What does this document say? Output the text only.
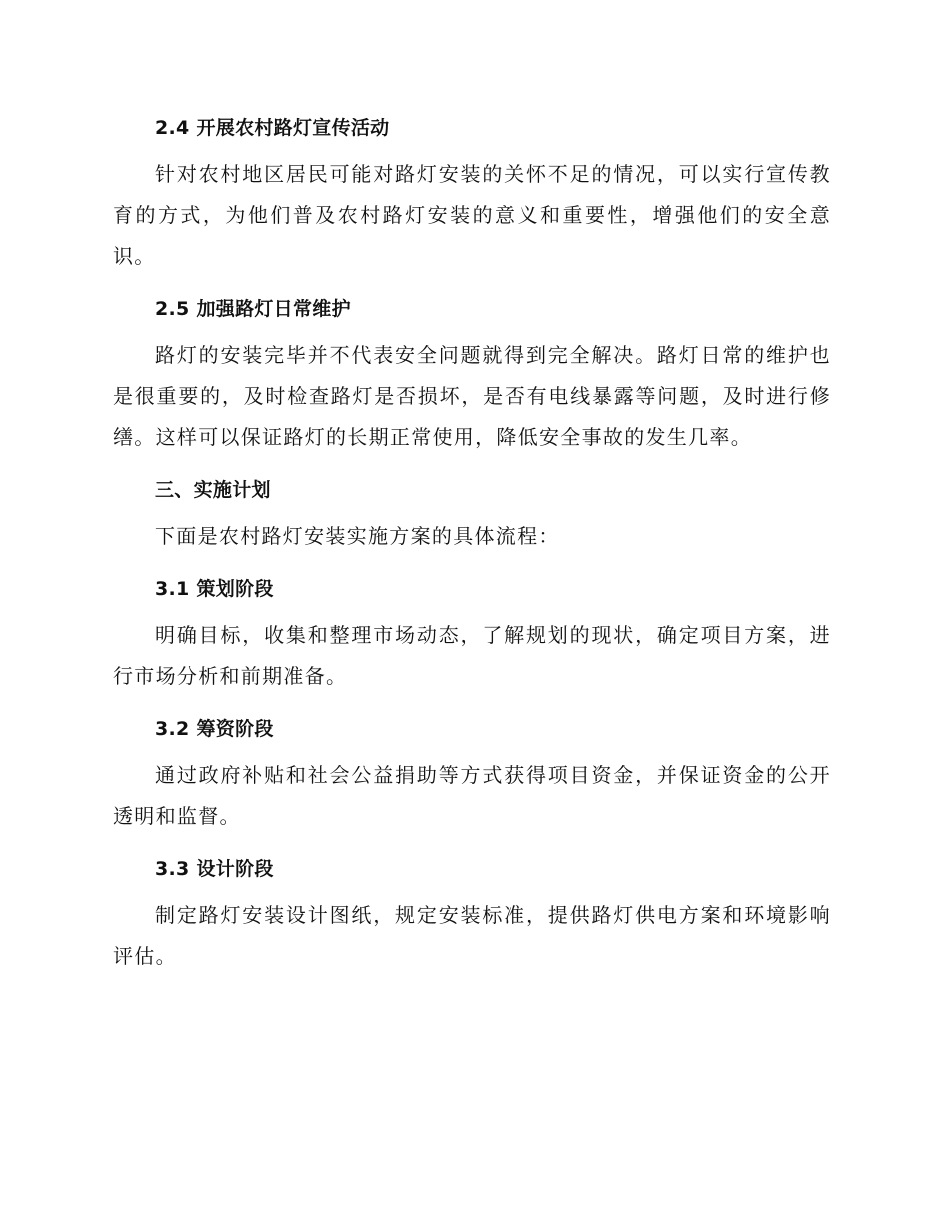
2.4 开展农村路灯宣传活动

针对农村地区居民可能对路灯安装的关怀不足的情况，可以实行宣传教育的方式，为他们普及农村路灯安装的意义和重要性，增强他们的安全意识。

2.5 加强路灯日常维护

路灯的安装完毕并不代表安全问题就得到完全解决。路灯日常的维护也是很重要的，及时检查路灯是否损坏，是否有电线暴露等问题，及时进行修缮。这样可以保证路灯的长期正常使用，降低安全事故的发生几率。

三、实施计划

下面是农村路灯安装实施方案的具体流程：

3.1 策划阶段

明确目标，收集和整理市场动态，了解规划的现状，确定项目方案，进行市场分析和前期准备。

3.2 筹资阶段

通过政府补贴和社会公益捐助等方式获得项目资金，并保证资金的公开透明和监督。

3.3 设计阶段

制定路灯安装设计图纸，规定安装标准，提供路灯供电方案和环境影响评估。
